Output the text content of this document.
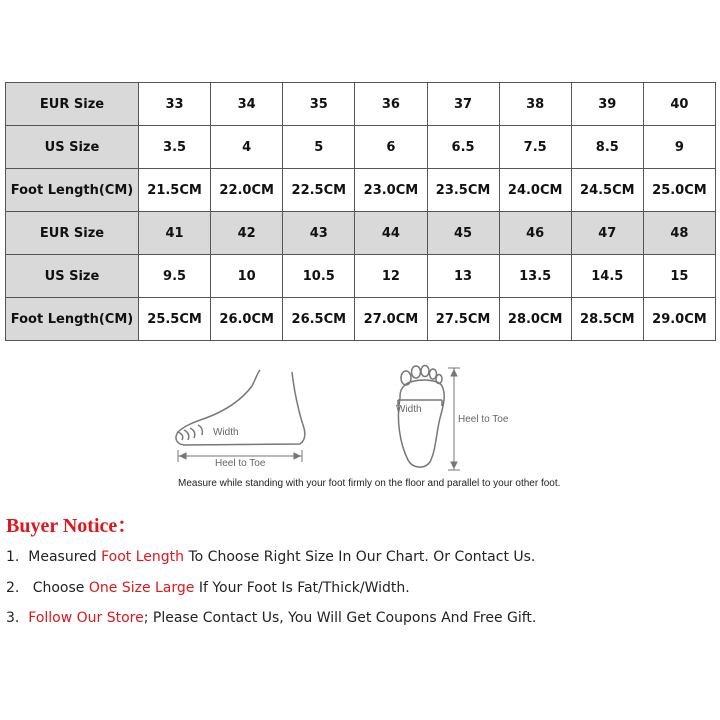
EUR Size	33	34	35	36	37	38	39	40
US Size	3.5	4	5	6	6.5	7.5	8.5	9
Foot Length(CM)	21.5CM	22.0CM	22.5CM	23.0CM	23.5CM	24.0CM	24.5CM	25.0CM
EUR Size	41	42	43	44	45	46	47	48
US Size	9.5	10	10.5	12	13	13.5	14.5	15
Foot Length(CM)	25.5CM	26.0CM	26.5CM	27.0CM	27.5CM	28.0CM	28.5CM	29.0CM
Width
Heel to Toe
Width
Heel to Toe
Measure while standing with your foot firmly on the floor and parallel to your other foot.
Buyer Notice：
1.  Measured Foot Length To Choose Right Size In Our Chart. Or Contact Us.
2.   Choose One Size Large If Your Foot Is Fat/Thick/Width.
3.  Follow Our Store; Please Contact Us, You Will Get Coupons And Free Gift.
